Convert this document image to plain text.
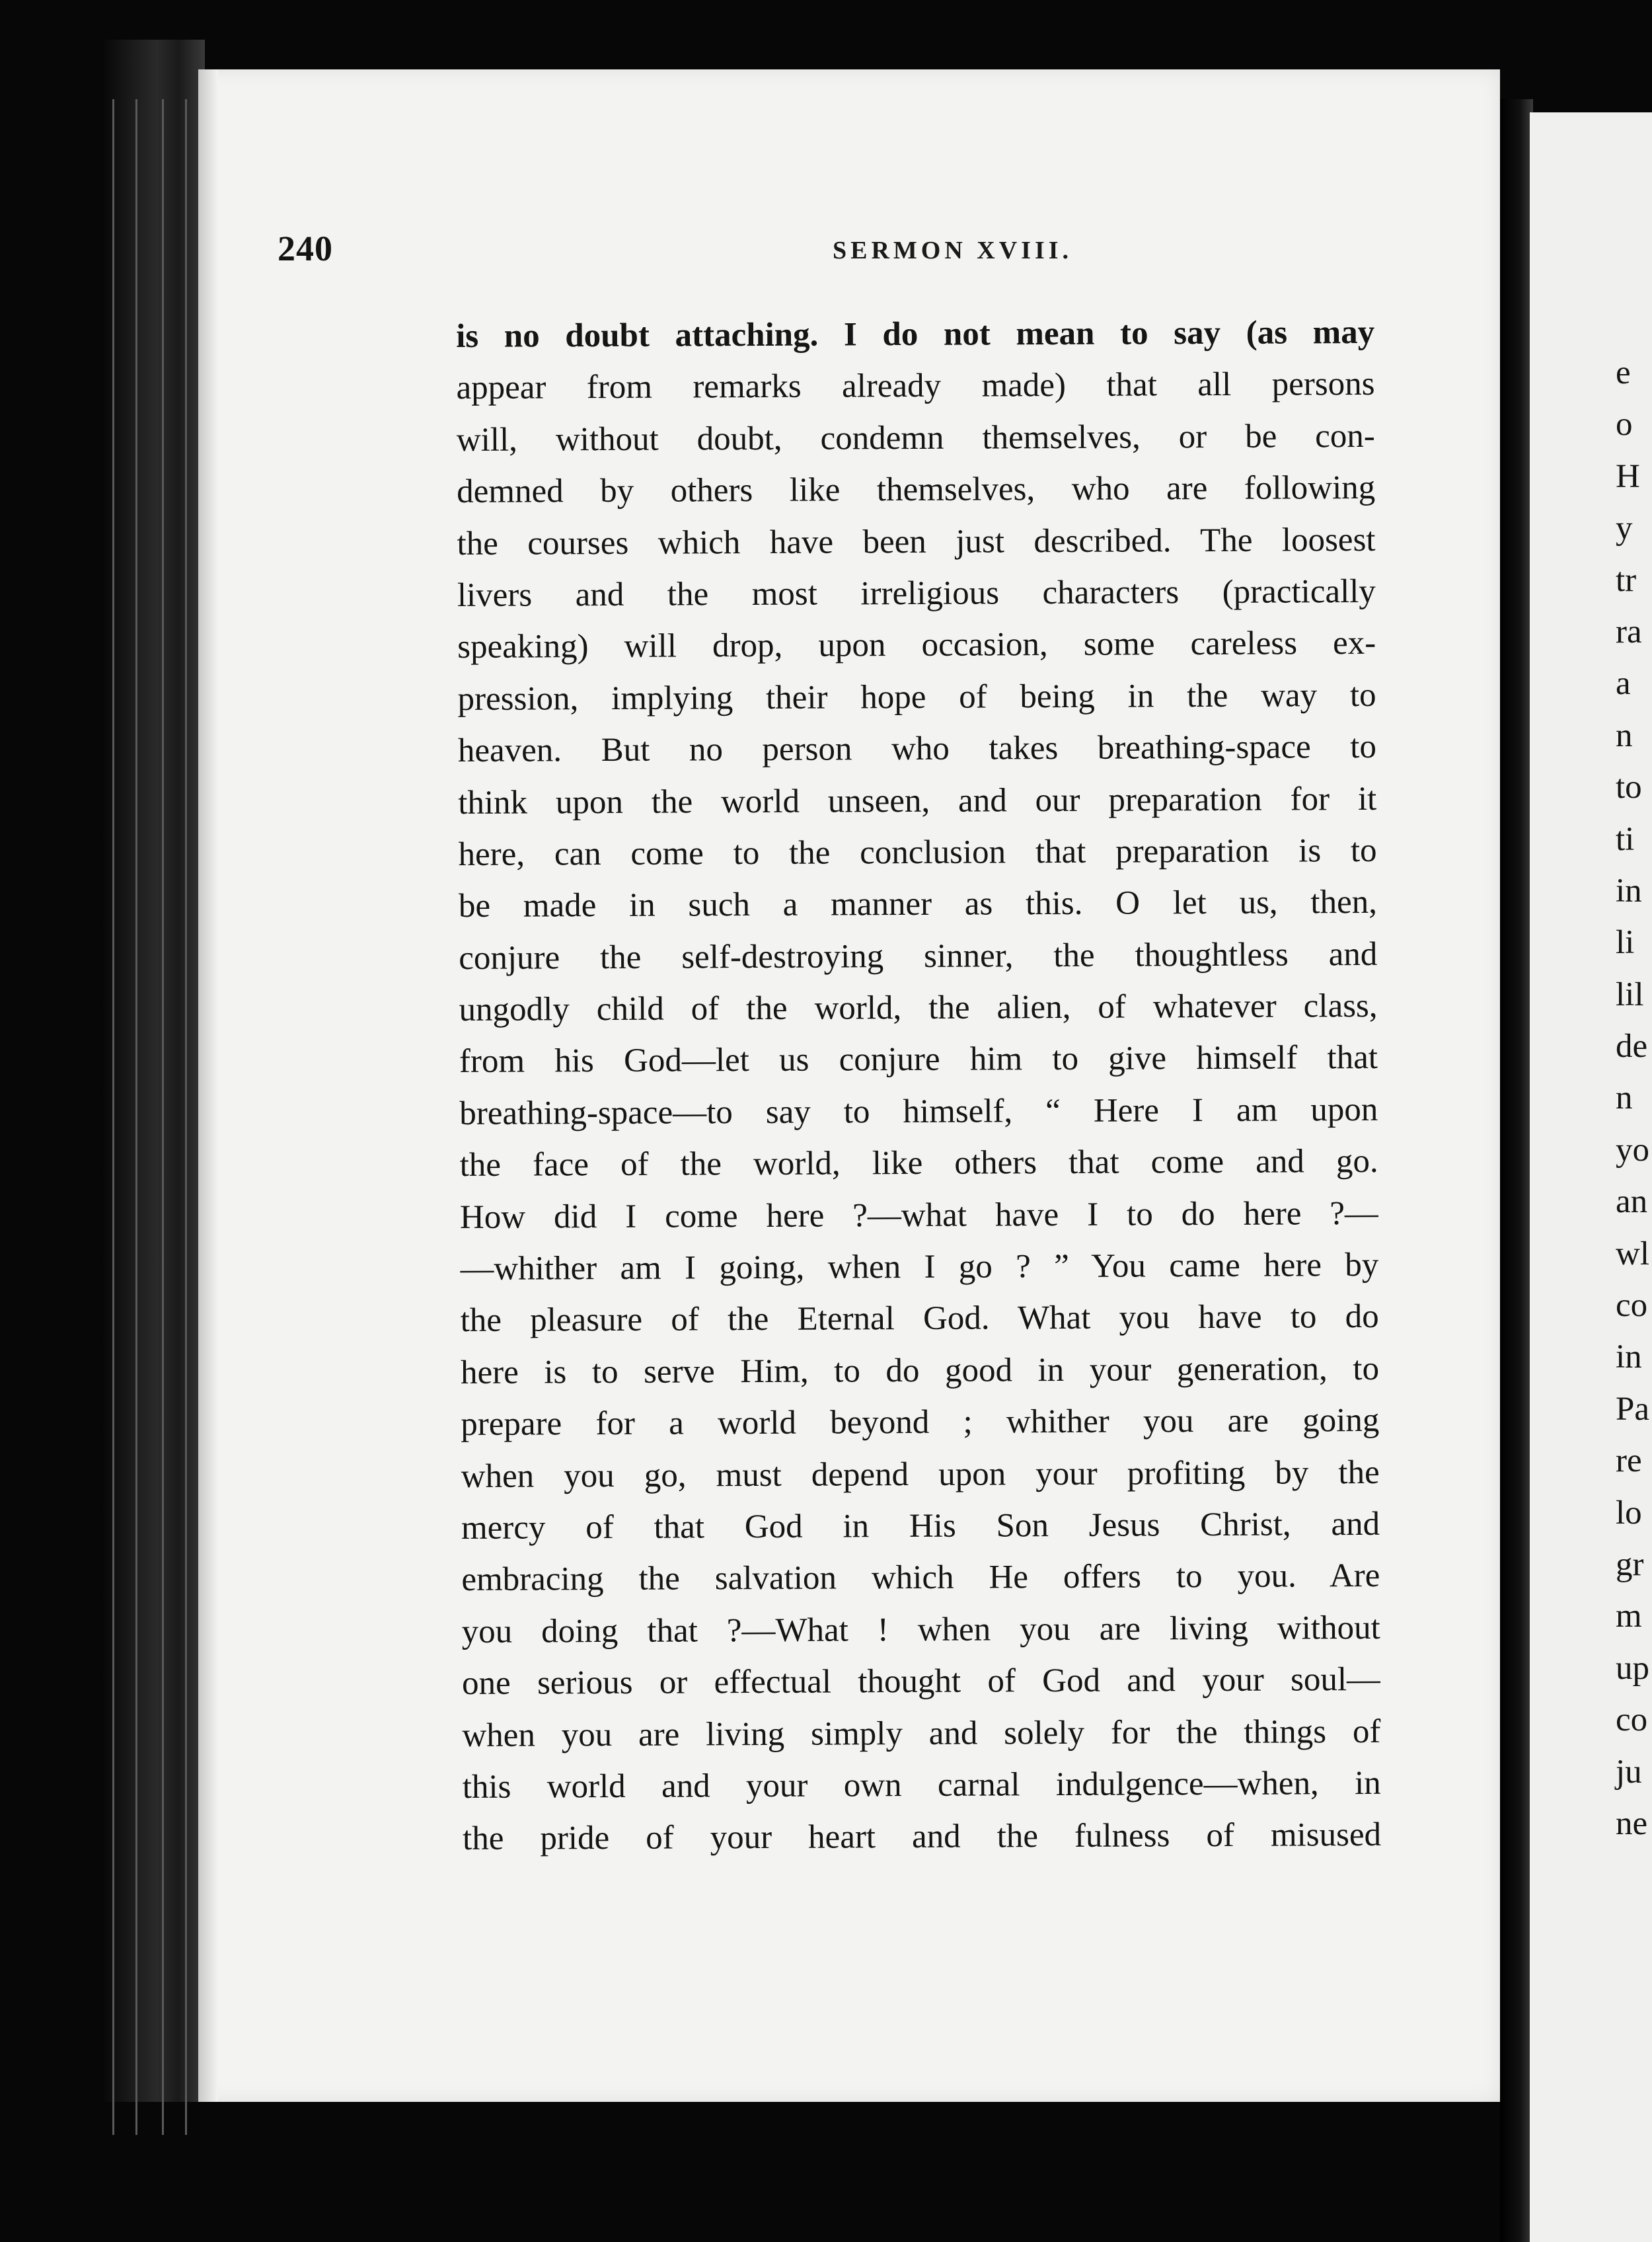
240	SERMON XVIII.
is no doubt attaching. I do not mean to say (as may
appear from remarks already made) that all persons
will, without doubt, condemn themselves, or be con-
demned by others like themselves, who are following
the courses which have been just described. The loosest
livers and the most irreligious characters (practically
speaking) will drop, upon occasion, some careless ex-
pression, implying their hope of being in the way to
heaven. But no person who takes breathing-space to
think upon the world unseen, and our preparation for it
here, can come to the conclusion that preparation is to
be made in such a manner as this. O let us, then,
conjure the self-destroying sinner, the thoughtless and
ungodly child of the world, the alien, of whatever class,
from his God—let us conjure him to give himself that
breathing-space—to say to himself, “ Here I am upon
the face of the world, like others that come and go.
How did I come here ?—what have I to do here ?—
—whither am I going, when I go ? ” You came here by
the pleasure of the Eternal God. What you have to do
here is to serve Him, to do good in your generation, to
prepare for a world beyond ; whither you are going
when you go, must depend upon your profiting by the
mercy of that God in His Son Jesus Christ, and
embracing the salvation which He offers to you. Are
you doing that ?—What ! when you are living without
one serious or effectual thought of God and your soul—
when you are living simply and solely for the things of
this world and your own carnal indulgence—when, in
the pride of your heart and the fulness of misused
e
o
H
y
tr
ra
a
n
to
ti
in
li
lil
de
n
yo
an
wl
co
in
Pa
re
lo
gr
m
up
co
ju
ne
